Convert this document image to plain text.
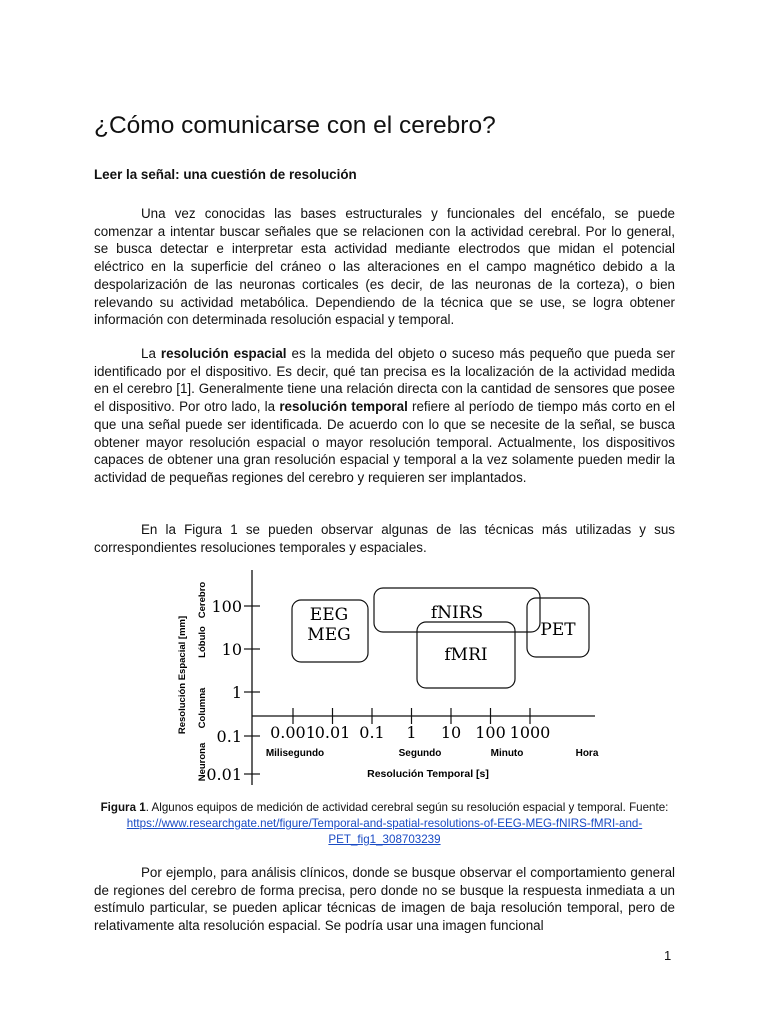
¿Cómo comunicarse con el cerebro?
Leer la señal: una cuestión de resolución

Una vez conocidas las bases estructurales y funcionales del encéfalo, se puede comenzar a intentar buscar señales que se relacionen con la actividad cerebral. Por lo general, se busca detectar e interpretar esta actividad mediante electrodos que midan el potencial eléctrico en la superficie del cráneo o las alteraciones en el campo magnético debido a la despolarización de las neuronas corticales (es decir, de las neuronas de la corteza), o bien relevando su actividad metabólica. Dependiendo de la técnica que se use, se logra obtener información con determinada resolución espacial y temporal.

La resolución espacial es la medida del objeto o suceso más pequeño que pueda ser identificado por el dispositivo. Es decir, qué tan precisa es la localización de la actividad medida en el cerebro [1]. Generalmente tiene una relación directa con la cantidad de sensores que posee el dispositivo. Por otro lado, la resolución temporal refiere al período de tiempo más corto en el que una señal puede ser identificada. De acuerdo con lo que se necesite de la señal, se busca obtener mayor resolución espacial o mayor resolución temporal. Actualmente, los dispositivos capaces de obtener una gran resolución espacial y temporal a la vez solamente pueden medir la actividad de pequeñas regiones del cerebro y requieren ser implantados.

En la Figura 1 se pueden observar algunas de las técnicas más utilizadas y sus correspondientes resoluciones temporales y espaciales.

100
10
1
0.1
0.01
0.001
0.01 0.1 1 10 100 1000
Milisegundo	Segundo	Minuto	Hora
Cerebro
Lóbulo
Columna
Neurona
EEG
MEG
fNIRS
fMRI
PET
Resolución Temporal [s]
Resolución Espacial [mm]

Figura 1. Algunos equipos de medición de actividad cerebral según su resolución espacial y temporal. Fuente: https://www.researchgate.net/figure/Temporal-and-spatial-resolutions-of-EEG-MEG-fNIRS-fMRI-and-PET_fig1_308703239

Por ejemplo, para análisis clínicos, donde se busque observar el comportamiento general de regiones del cerebro de forma precisa, pero donde no se busque la respuesta inmediata a un estímulo particular, se pueden aplicar técnicas de imagen de baja resolución temporal, pero de relativamente alta resolución espacial. Se podría usar una imagen funcional

1
